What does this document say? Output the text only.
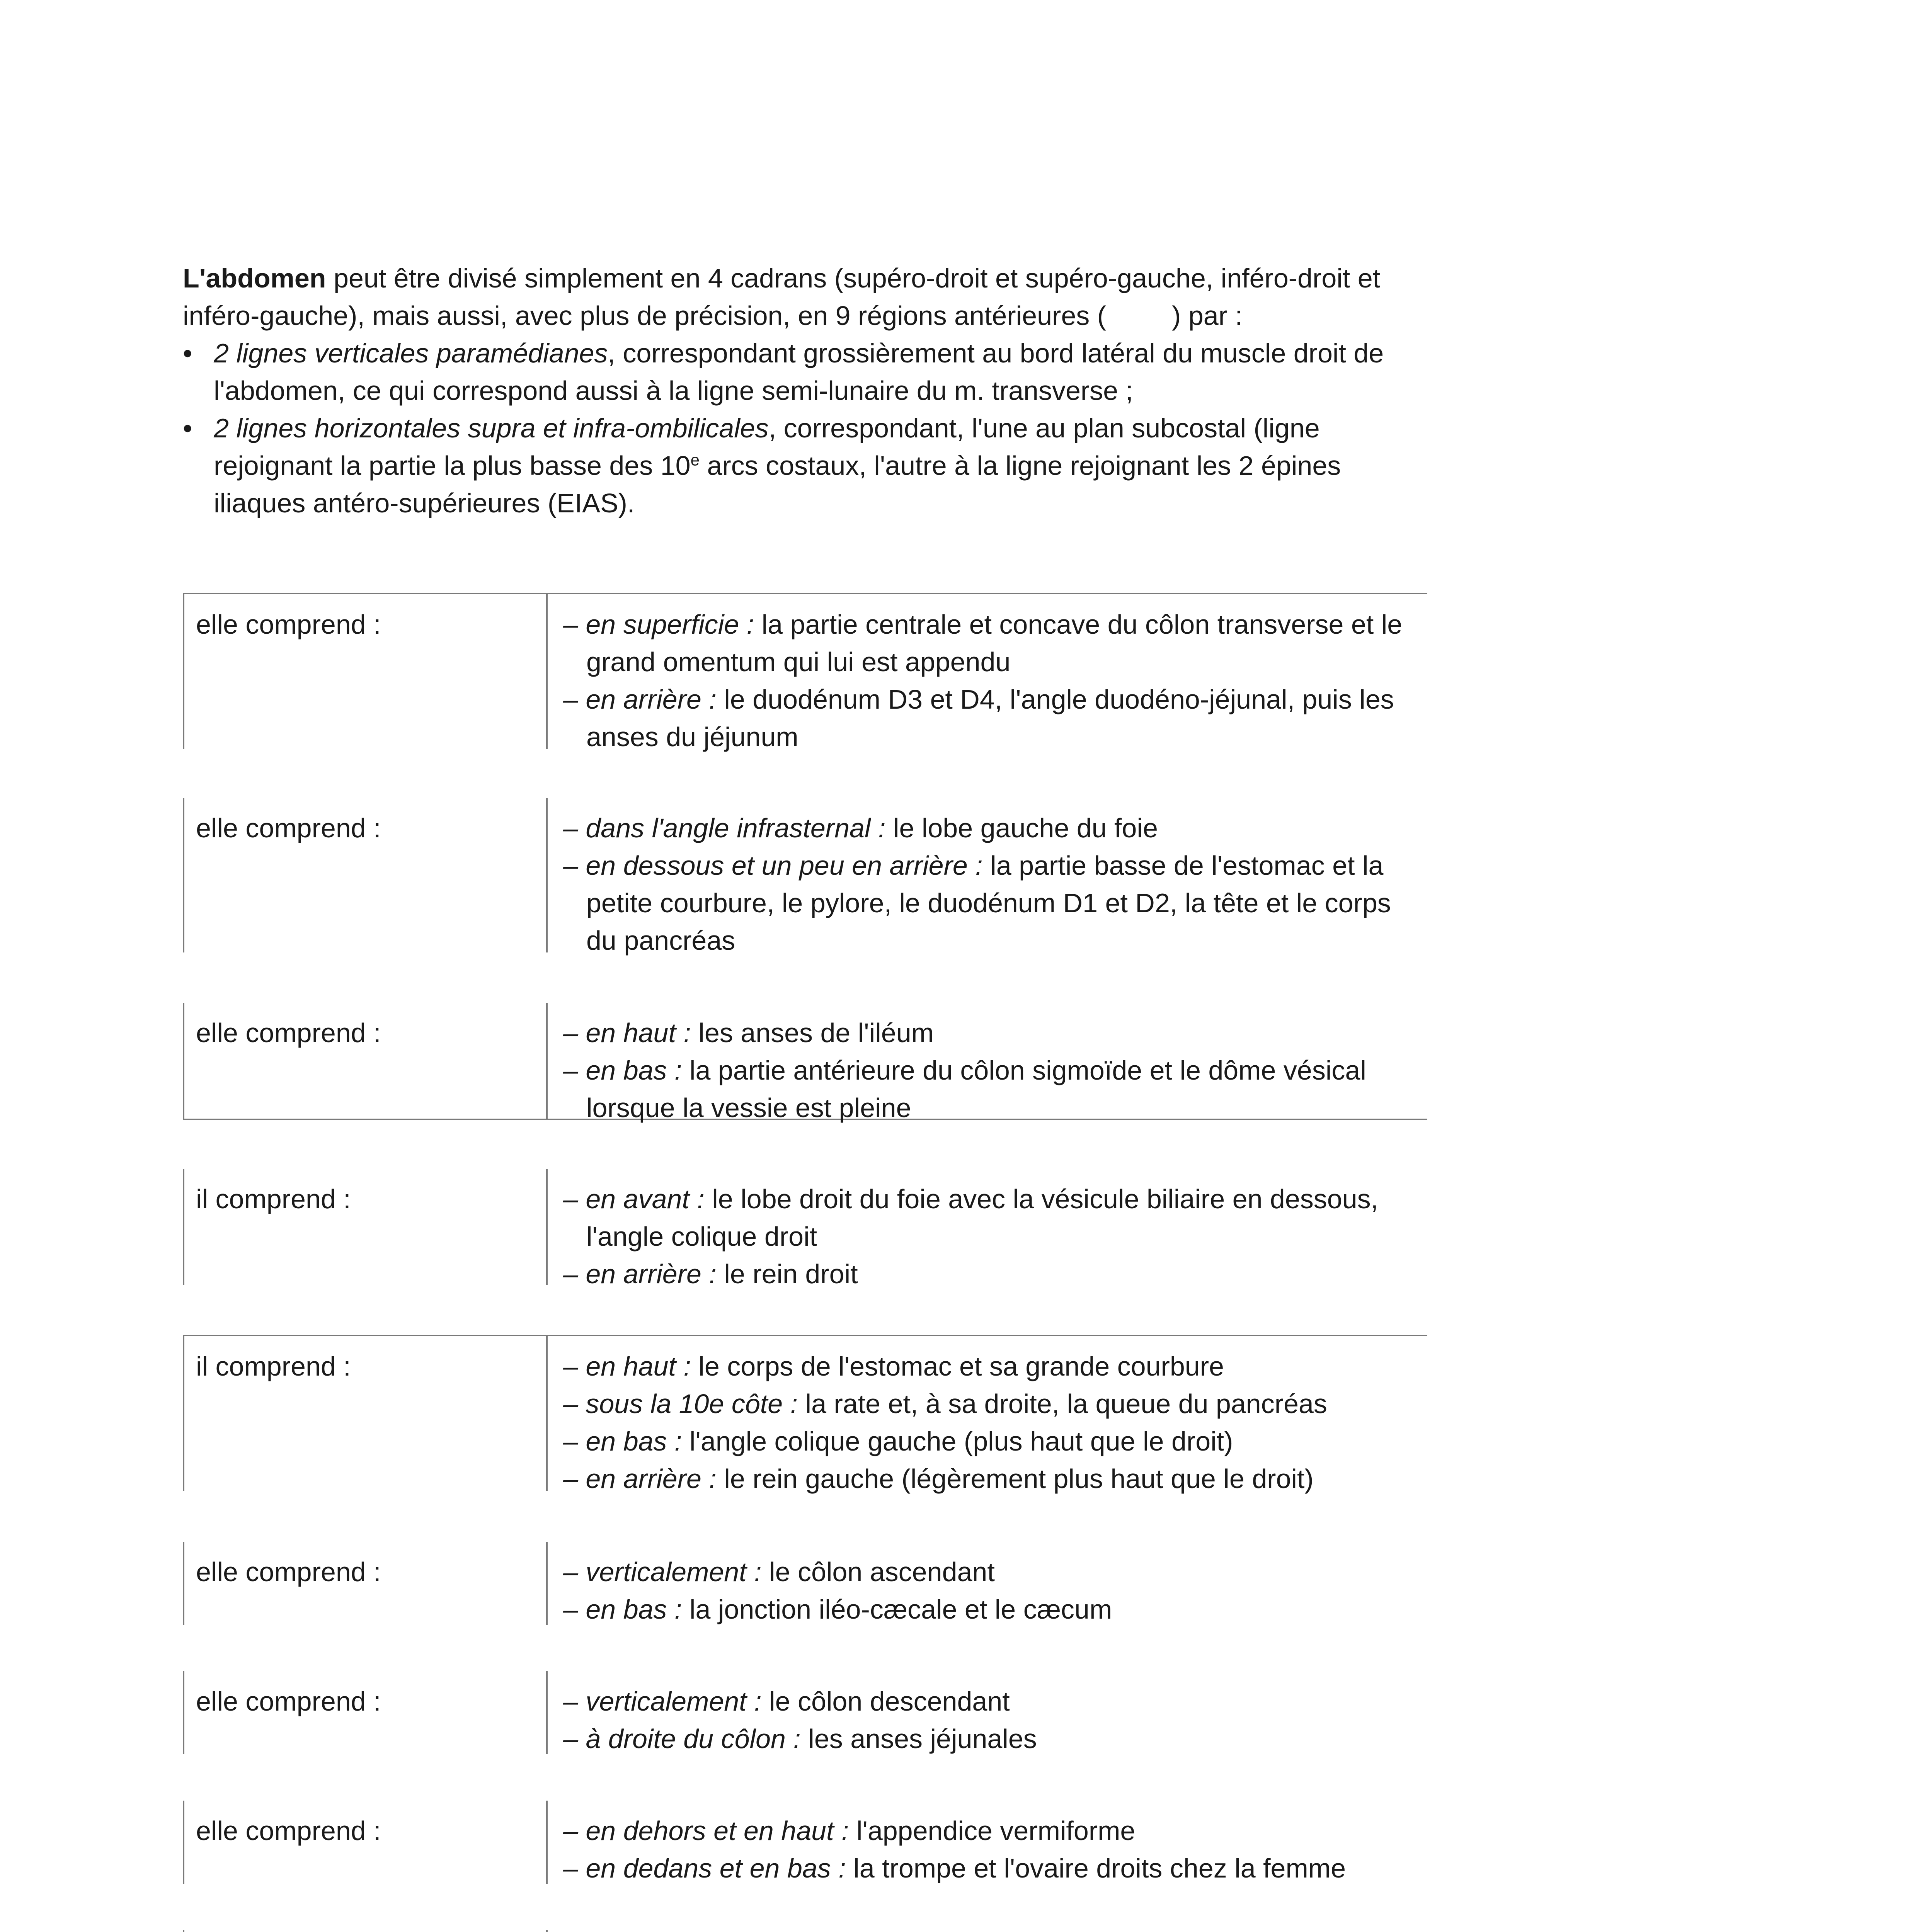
L'abdomen peut être divisé simplement en 4 cadrans (supéro-droit et supéro-gauche, inféro-droit et inféro-gauche), mais aussi, avec plus de précision, en 9 régions antérieures ( ) par :

• 2 lignes verticales paramédianes, correspondant grossièrement au bord latéral du muscle droit de l'abdomen, ce qui correspond aussi à la ligne semi-lunaire du m. transverse ;
• 2 lignes horizontales supra et infra-ombilicales, correspondant, l'une au plan subcostal (ligne rejoignant la partie la plus basse des 10e arcs costaux, l'autre à la ligne rejoignant les 2 épines iliaques antéro-supérieures (EIAS).
elle comprend :	– en superficie : la partie centrale et concave du côlon transverse et le grand omentum qui lui est appendu
– en arrière : le duodénum D3 et D4, l'angle duodéno-jéjunal, puis les anses du jéjunum
elle comprend :	– dans l'angle infrasternal : le lobe gauche du foie
– en dessous et un peu en arrière : la partie basse de l'estomac et la petite courbure, le pylore, le duodénum D1 et D2, la tête et le corps du pancréas
elle comprend :	– en haut : les anses de l'iléum
– en bas : la partie antérieure du côlon sigmoïde et le dôme vésical lorsque la vessie est pleine
il comprend :	– en avant : le lobe droit du foie avec la vésicule biliaire en dessous, l'angle colique droit
– en arrière : le rein droit
il comprend :	– en haut : le corps de l'estomac et sa grande courbure
– sous la 10e côte : la rate et, à sa droite, la queue du pancréas
– en bas : l'angle colique gauche (plus haut que le droit)
– en arrière : le rein gauche (légèrement plus haut que le droit)
elle comprend :	– verticalement : le côlon ascendant
– en bas : la jonction iléo-cæcale et le cæcum
elle comprend :	– verticalement : le côlon descendant
– à droite du côlon : les anses jéjunales
elle comprend :	– en dehors et en haut : l'appendice vermiforme
– en dedans et en bas : la trompe et l'ovaire droits chez la femme
